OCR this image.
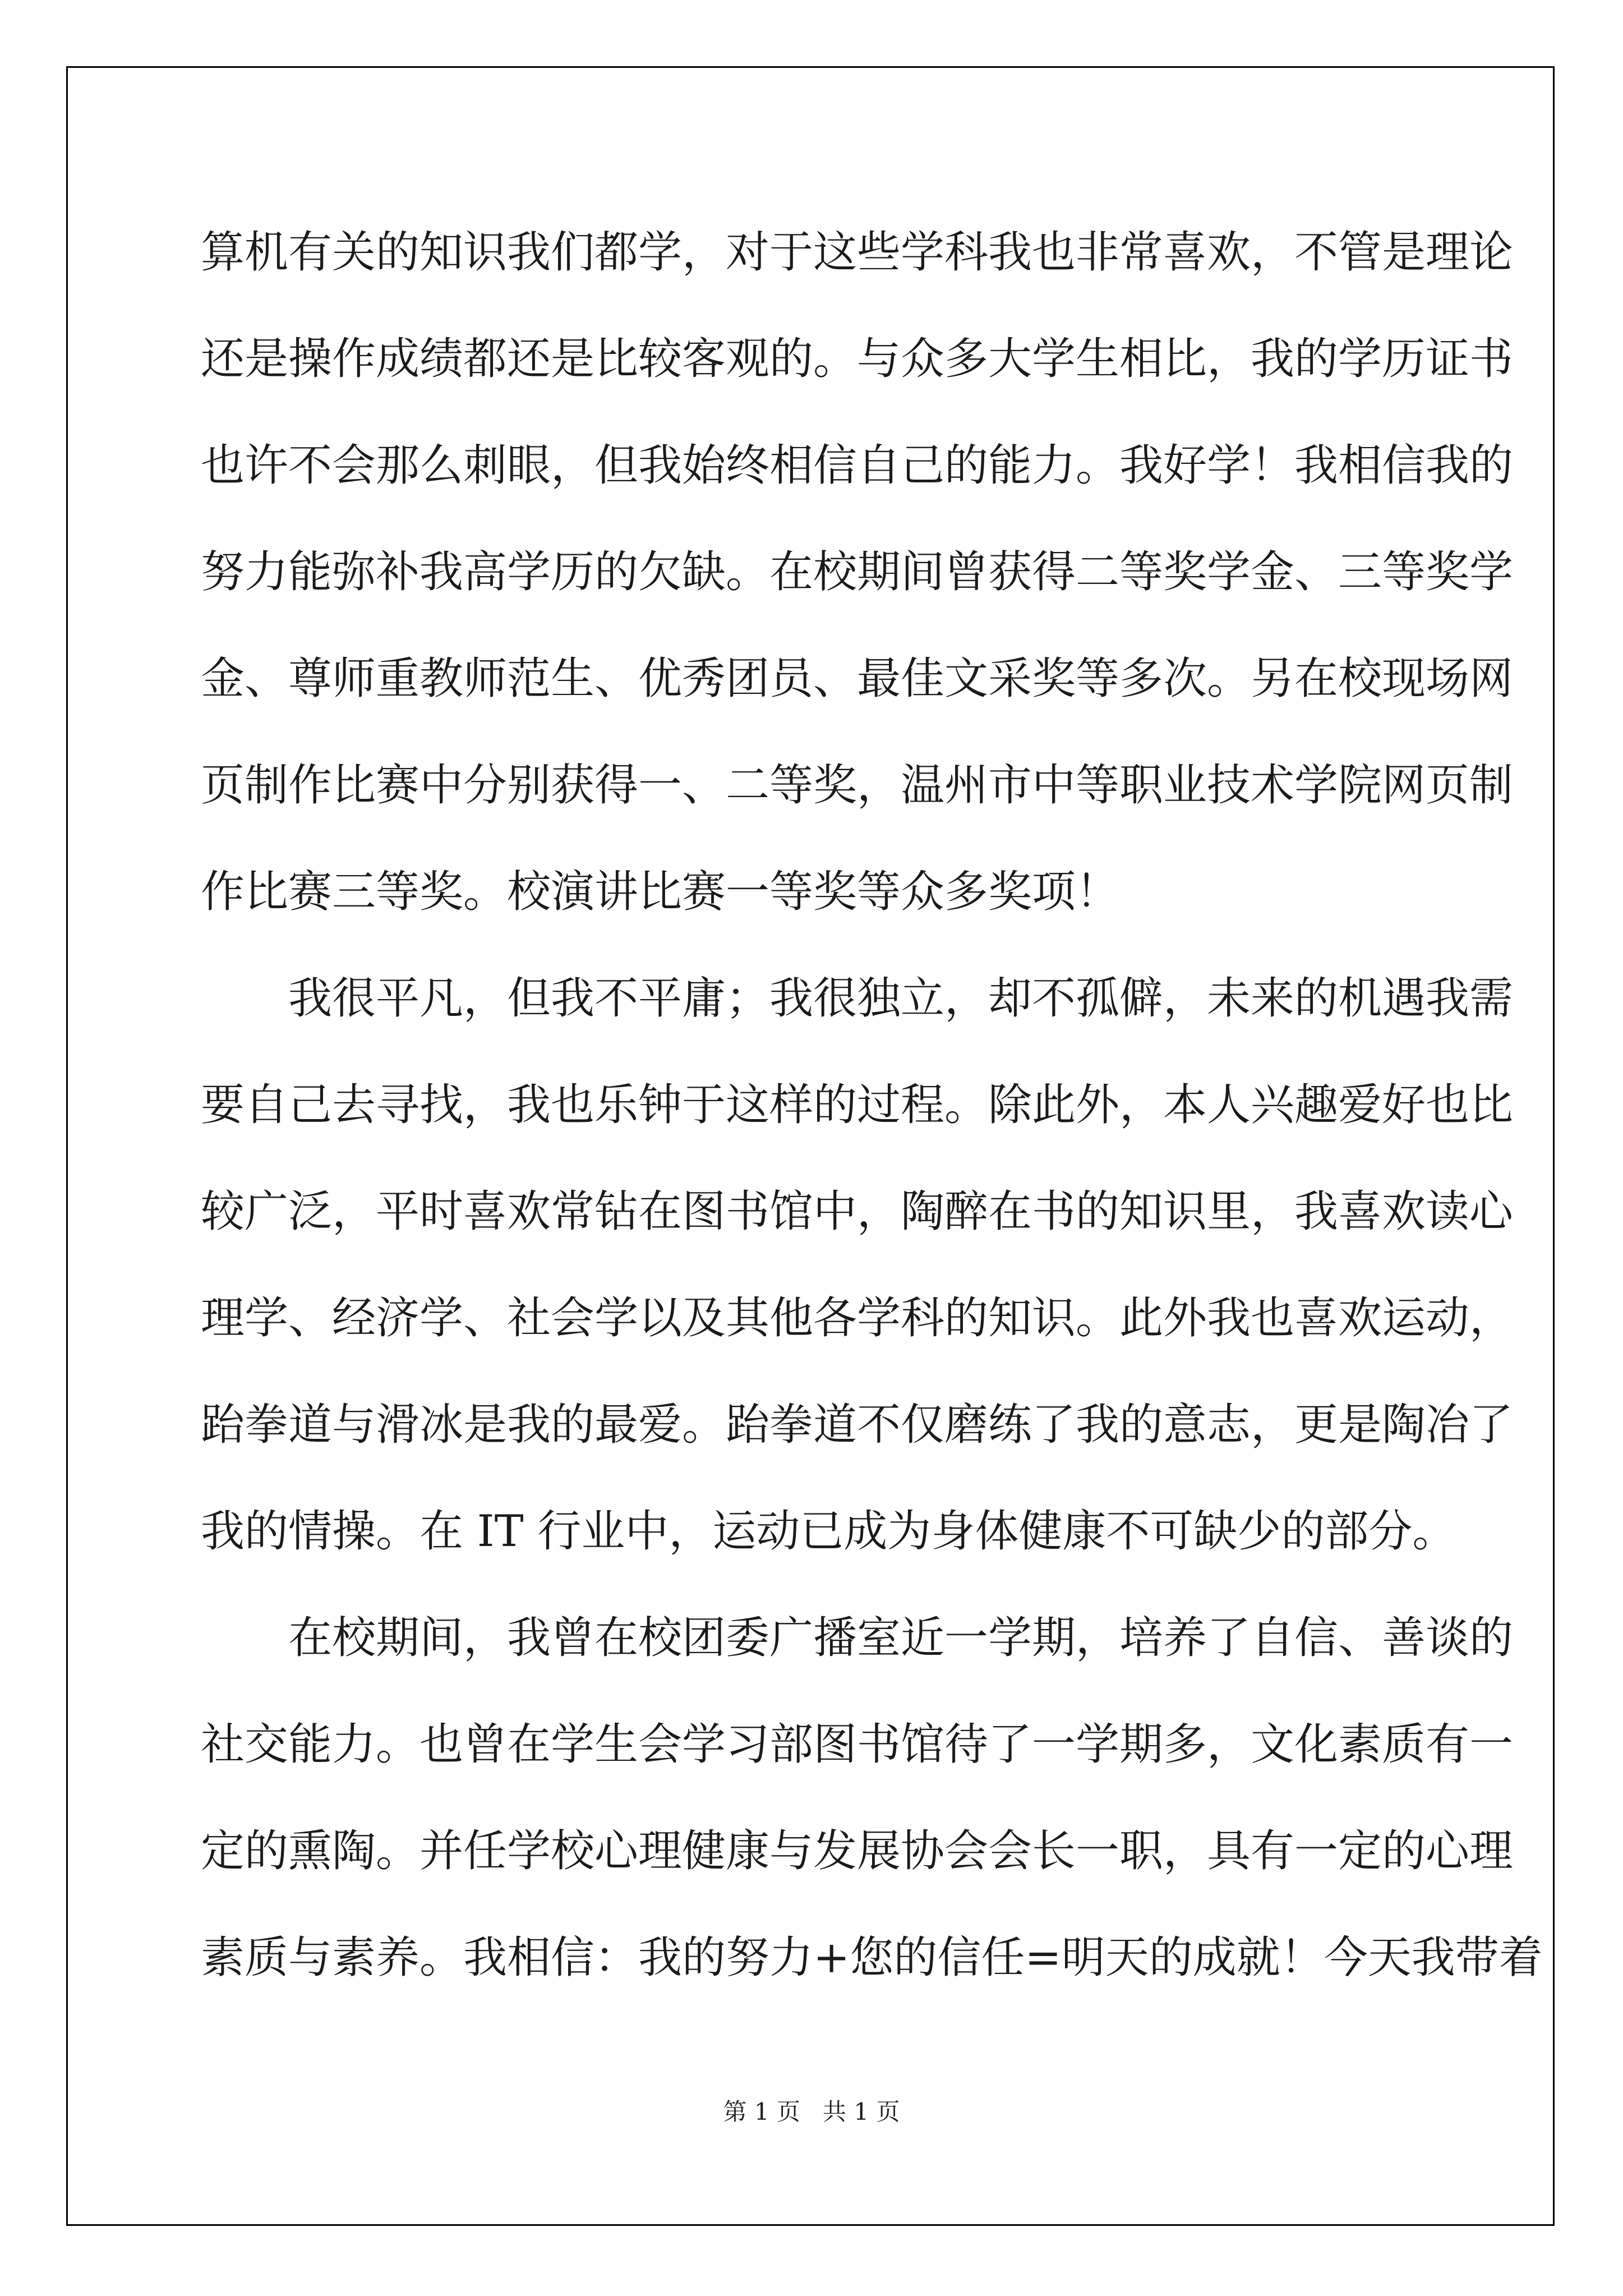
算机有关的知识我们都学，对于这些学科我也非常喜欢，不管是理论
还是操作成绩都还是比较客观的。与众多大学生相比，我的学历证书
也许不会那么刺眼，但我始终相信自己的能力。我好学！我相信我的
努力能弥补我高学历的欠缺。在校期间曾获得二等奖学金、三等奖学
金、尊师重教师范生、优秀团员、最佳文采奖等多次。另在校现场网
页制作比赛中分别获得一、二等奖，温州市中等职业技术学院网页制
作比赛三等奖。校演讲比赛一等奖等众多奖项！
我很平凡，但我不平庸；我很独立，却不孤僻，未来的机遇我需
要自己去寻找，我也乐钟于这样的过程。除此外，本人兴趣爱好也比
较广泛，平时喜欢常钻在图书馆中，陶醉在书的知识里，我喜欢读心
理学、经济学、社会学以及其他各学科的知识。此外我也喜欢运动，
跆拳道与滑冰是我的最爱。跆拳道不仅磨练了我的意志，更是陶冶了
我的情操。在 IT 行业中，运动已成为身体健康不可缺少的部分。
在校期间，我曾在校团委广播室近一学期，培养了自信、善谈的
社交能力。也曾在学生会学习部图书馆待了一学期多，文化素质有一
定的熏陶。并任学校心理健康与发展协会会长一职，具有一定的心理
素质与素养。我相信：我的努力+您的信任=明天的成就！今天我带着
第 1 页   共 1 页
